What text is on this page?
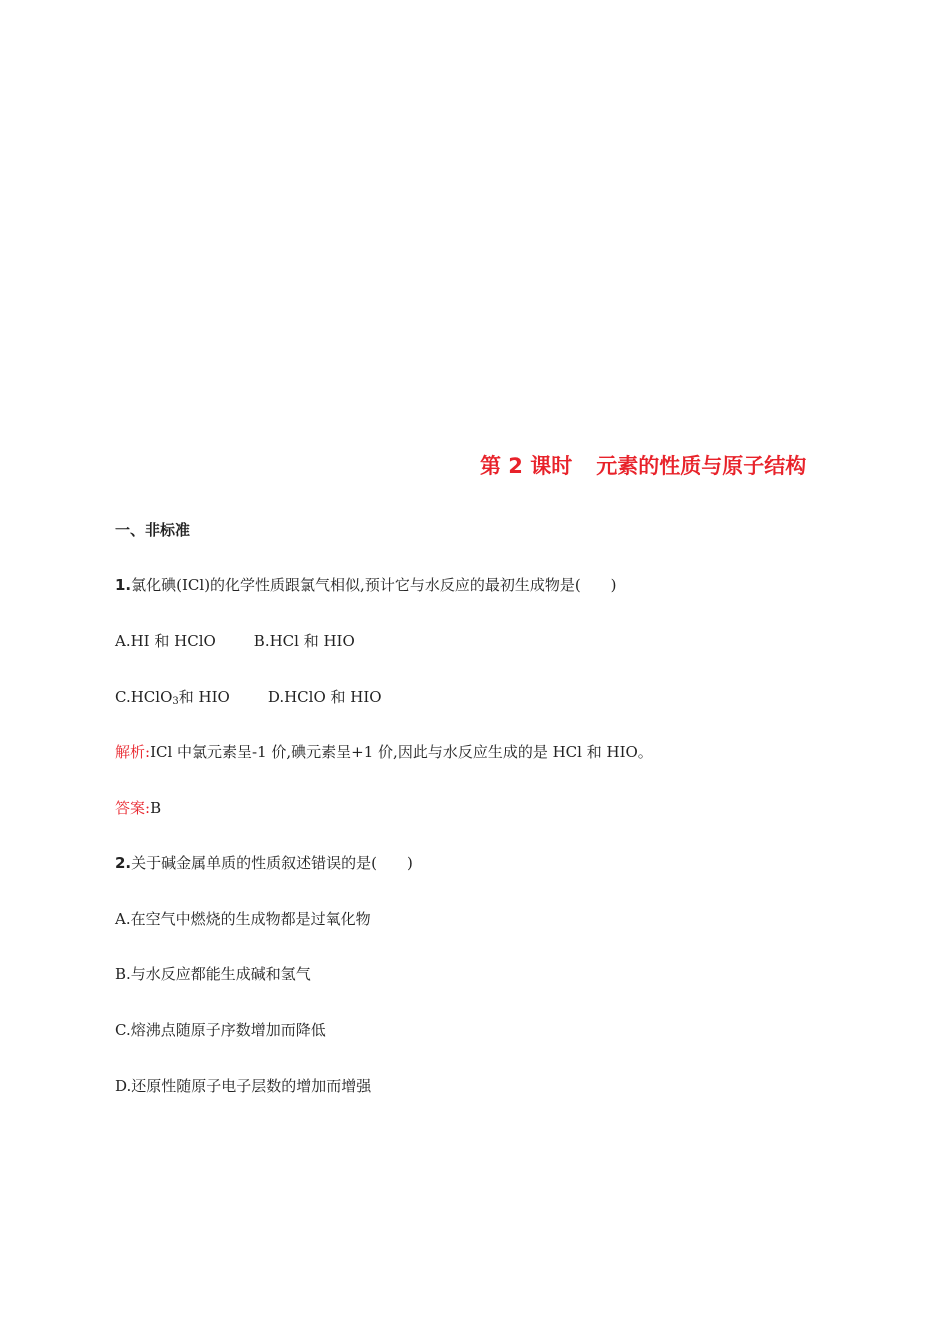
第 2 课时 元素的性质与原子结构
一、非标准
1.氯化碘(ICl)的化学性质跟氯气相似,预计它与水反应的最初生成物是(　　)
A.HI 和 HClO	B.HCl 和 HIO
C.HClO$_3$和 HIO	D.HClO 和 HIO
解析:ICl 中氯元素呈-1 价,碘元素呈+1 价,因此与水反应生成的是 HCl 和 HIO。
答案:B
2.关于碱金属单质的性质叙述错误的是(　　)
A.在空气中燃烧的生成物都是过氧化物
B.与水反应都能生成碱和氢气
C.熔沸点随原子序数增加而降低
D.还原性随原子电子层数的增加而增强
